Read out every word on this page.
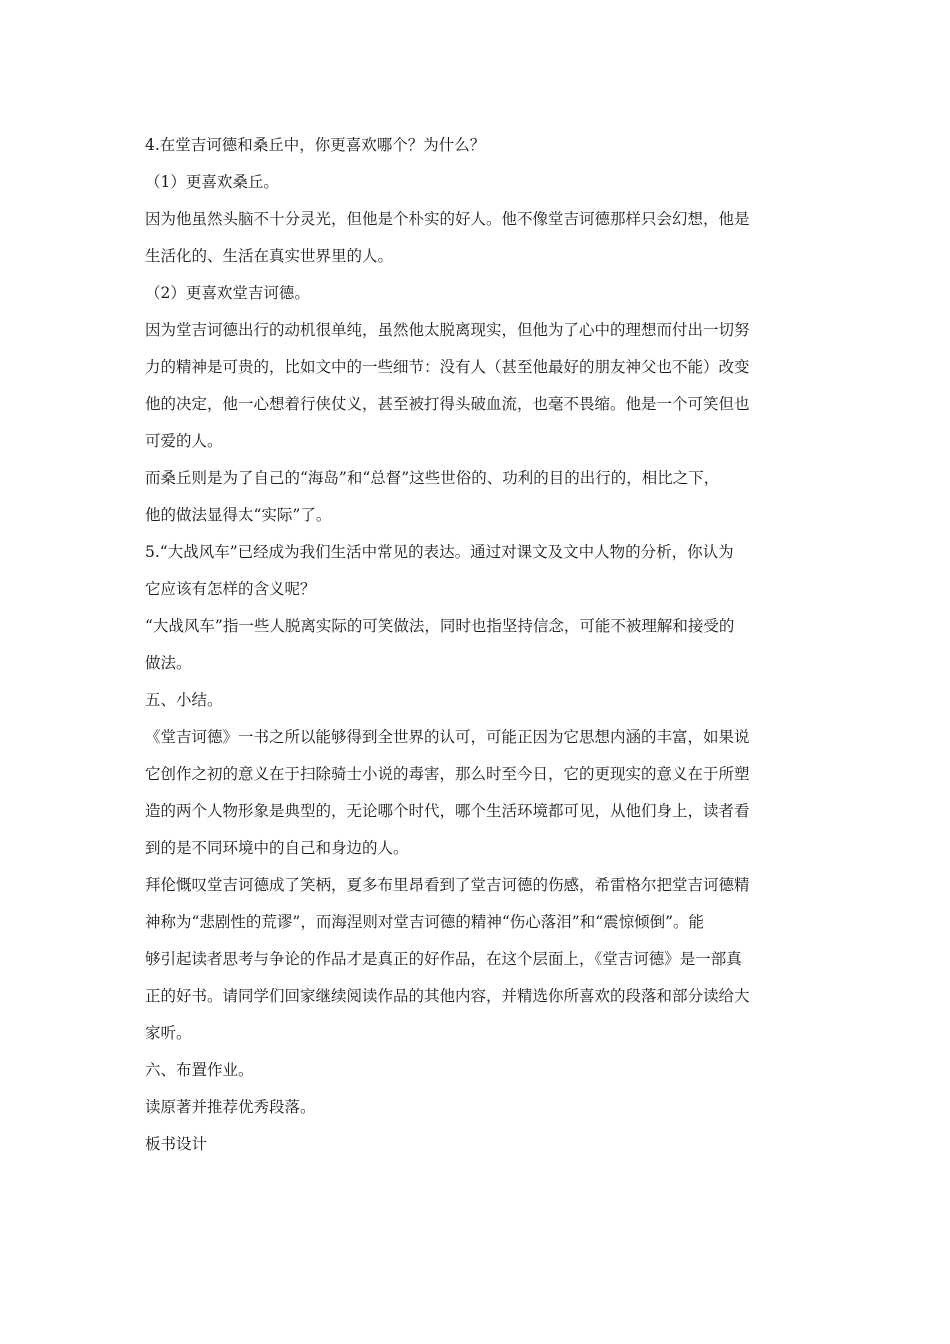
4.在堂吉诃德和桑丘中，你更喜欢哪个？为什么？

（1）更喜欢桑丘。

因为他虽然头脑不十分灵光，但他是个朴实的好人。他不像堂吉诃德那样只会幻想，他是

生活化的、生活在真实世界里的人。

（2）更喜欢堂吉诃德。

因为堂吉诃德出行的动机很单纯，虽然他太脱离现实，但他为了心中的理想而付出一切努

力的精神是可贵的，比如文中的一些细节：没有人（甚至他最好的朋友神父也不能）改变

他的决定，他一心想着行侠仗义，甚至被打得头破血流，也毫不畏缩。他是一个可笑但也

可爱的人。

而桑丘则是为了自己的“海岛”和“总督”这些世俗的、功利的目的出行的，相比之下，

他的做法显得太“实际”了。

5.“大战风车”已经成为我们生活中常见的表达。通过对课文及文中人物的分析，你认为

它应该有怎样的含义呢？

“大战风车”指一些人脱离实际的可笑做法，同时也指坚持信念，可能不被理解和接受的

做法。

五、小结。

《堂吉诃德》一书之所以能够得到全世界的认可，可能正因为它思想内涵的丰富，如果说

它创作之初的意义在于扫除骑士小说的毒害，那么时至今日，它的更现实的意义在于所塑

造的两个人物形象是典型的，无论哪个时代，哪个生活环境都可见，从他们身上，读者看

到的是不同环境中的自己和身边的人。

拜伦慨叹堂吉诃德成了笑柄，夏多布里昂看到了堂吉诃德的伤感，希雷格尔把堂吉诃德精

神称为“悲剧性的荒谬”，而海涅则对堂吉诃德的精神“伤心落泪”和“震惊倾倒”。能

够引起读者思考与争论的作品才是真正的好作品，在这个层面上，《堂吉诃德》是一部真

正的好书。请同学们回家继续阅读作品的其他内容，并精选你所喜欢的段落和部分读给大

家听。

六、布置作业。

读原著并推荐优秀段落。

板书设计
